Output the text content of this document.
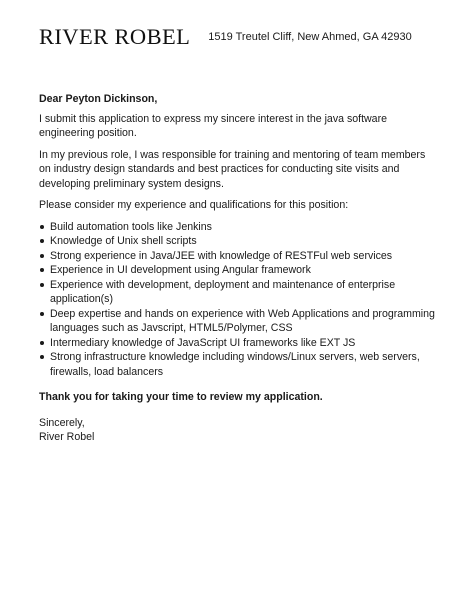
RIVER ROBEL 1519 Treutel Cliff, New Ahmed, GA 42930

Dear Peyton Dickinson,

I submit this application to express my sincere interest in the java software engineering position.

In my previous role, I was responsible for training and mentoring of team members on industry design standards and best practices for conducting site visits and developing preliminary system designs.

Please consider my experience and qualifications for this position:

Build automation tools like Jenkins
Knowledge of Unix shell scripts
Strong experience in Java/JEE with knowledge of RESTFul web services
Experience in UI development using Angular framework
Experience with development, deployment and maintenance of enterprise application(s)
Deep expertise and hands on experience with Web Applications and programming languages such as Javscript, HTML5/Polymer, CSS
Intermediary knowledge of JavaScript UI frameworks like EXT JS
Strong infrastructure knowledge including windows/Linux servers, web servers, firewalls, load balancers

Thank you for taking your time to review my application.

Sincerely,

River Robel
